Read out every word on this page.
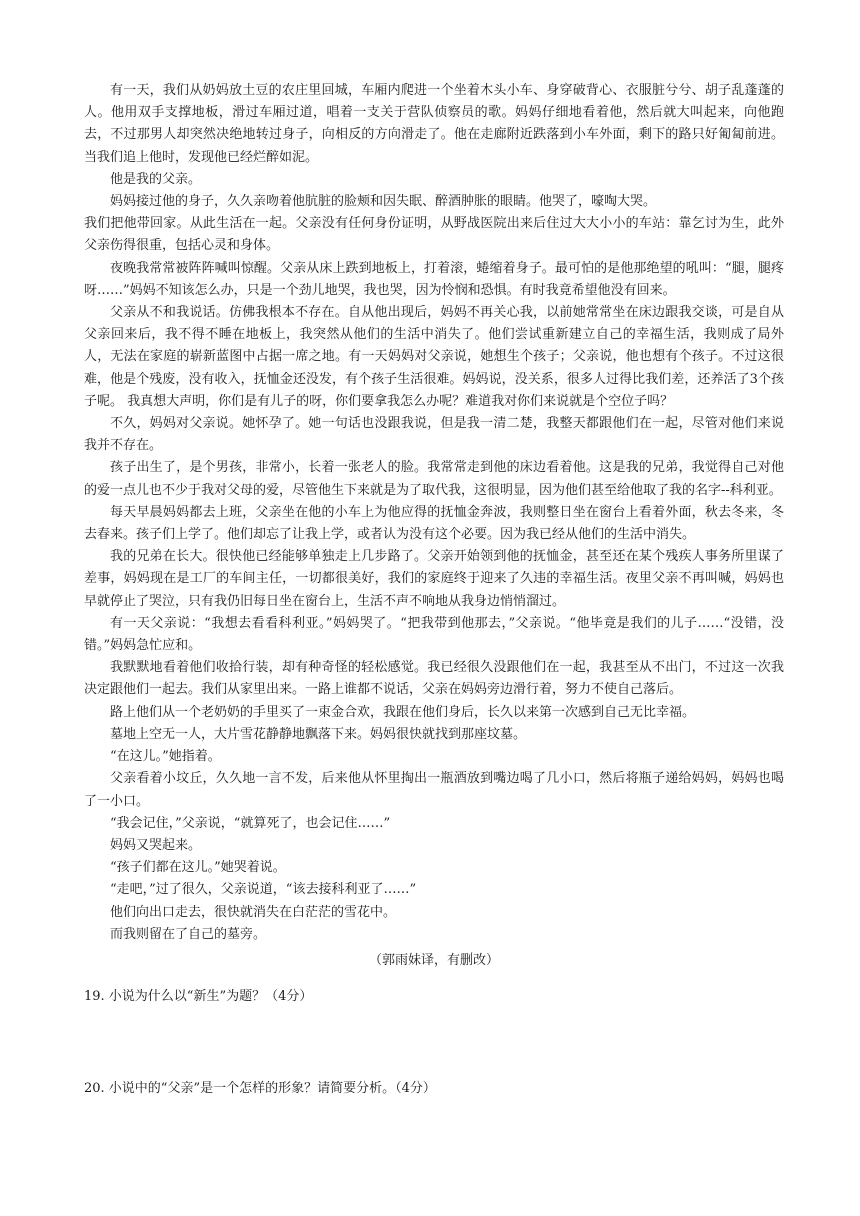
有一天，我们从奶妈放土豆的农庄里回城，车厢内爬进一个坐着木头小车、身穿破背心、衣服脏兮兮、胡子乱蓬蓬的人。他用双手支撑地板，滑过车厢过道，唱着一支关于营队侦察员的歌。妈妈仔细地看着他，然后就大叫起来，向他跑去，不过那男人却突然决绝地转过身子，向相反的方向滑走了。他在走廊附近跌落到小车外面，剩下的路只好匍匐前进。当我们追上他时，发现他已经烂醉如泥。

他是我的父亲。

妈妈接过他的身子，久久亲吻着他肮脏的脸颊和因失眠、醉酒肿胀的眼睛。他哭了，嚎啕大哭。

我们把他带回家。从此生活在一起。父亲没有任何身份证明，从野战医院出来后住过大大小小的车站：靠乞讨为生，此外父亲伤得很重，包括心灵和身体。

夜晚我常常被阵阵喊叫惊醒。父亲从床上跌到地板上，打着滚，蜷缩着身子。最可怕的是他那绝望的吼叫：“腿，腿疼呀……”妈妈不知该怎么办，只是一个劲儿地哭，我也哭，因为怜悯和恐惧。有时我竟希望他没有回来。

父亲从不和我说话。仿佛我根本不存在。自从他出现后，妈妈不再关心我，以前她常常坐在床边跟我交谈，可是自从父亲回来后，我不得不睡在地板上，我突然从他们的生活中消失了。他们尝试重新建立自己的幸福生活，我则成了局外人，无法在家庭的崭新蓝图中占据一席之地。有一天妈妈对父亲说，她想生个孩子；父亲说，他也想有个孩子。不过这很难，他是个残废，没有收入，抚恤金还没发，有个孩子生活很难。妈妈说，没关系，很多人过得比我们差，还养活了3个孩子呢。 我真想大声明，你们是有儿子的呀，你们要拿我怎么办呢？难道我对你们来说就是个空位子吗？

不久，妈妈对父亲说。她怀孕了。她一句话也没跟我说，但是我一清二楚，我整天都跟他们在一起，尽管对他们来说我并不存在。

孩子出生了，是个男孩，非常小，长着一张老人的脸。我常常走到他的床边看着他。这是我的兄弟，我觉得自己对他的爱一点儿也不少于我对父母的爱，尽管他生下来就是为了取代我，这很明显，因为他们甚至给他取了我的名字--科利亚。

每天早晨妈妈都去上班，父亲坐在他的小车上为他应得的抚恤金奔波，我则整日坐在窗台上看着外面，秋去冬来，冬去春来。孩子们上学了。他们却忘了让我上学，或者认为没有这个必要。因为我已经从他们的生活中消失。

我的兄弟在长大。很快他已经能够单独走上几步路了。父亲开始领到他的抚恤金，甚至还在某个残疾人事务所里谋了差事，妈妈现在是工厂的车间主任，一切都很美好，我们的家庭终于迎来了久违的幸福生活。夜里父亲不再叫喊，妈妈也早就停止了哭泣，只有我仍旧每日坐在窗台上，生活不声不响地从我身边悄悄溜过。

有一天父亲说：“我想去看看科利亚。”妈妈哭了。“把我带到他那去，”父亲说。“他毕竟是我们的儿子……“没错，没错。”妈妈急忙应和。

我默默地看着他们收拾行装，却有种奇怪的轻松感觉。我已经很久没跟他们在一起，我甚至从不出门，不过这一次我决定跟他们一起去。我们从家里出来。一路上谁都不说话，父亲在妈妈旁边滑行着，努力不使自己落后。

路上他们从一个老奶奶的手里买了一束金合欢，我跟在他们身后，长久以来第一次感到自己无比幸福。

墓地上空无一人，大片雪花静静地飘落下来。妈妈很快就找到那座坟墓。

“在这儿。”她指着。

父亲看着小坟丘，久久地一言不发，后来他从怀里掏出一瓶酒放到嘴边喝了几小口，然后将瓶子递给妈妈，妈妈也喝了一小口。

“我会记住，”父亲说，“就算死了，也会记住……”

妈妈又哭起来。

“孩子们都在这儿。”她哭着说。

“走吧，”过了很久，父亲说道，“该去接科利亚了……”

他们向出口走去，很快就消失在白茫茫的雪花中。

而我则留在了自己的墓旁。

（郭雨妹译，有删改）

19. 小说为什么以“新生”为题？（4分）

20. 小说中的“父亲”是一个怎样的形象？请简要分析。（4分）
